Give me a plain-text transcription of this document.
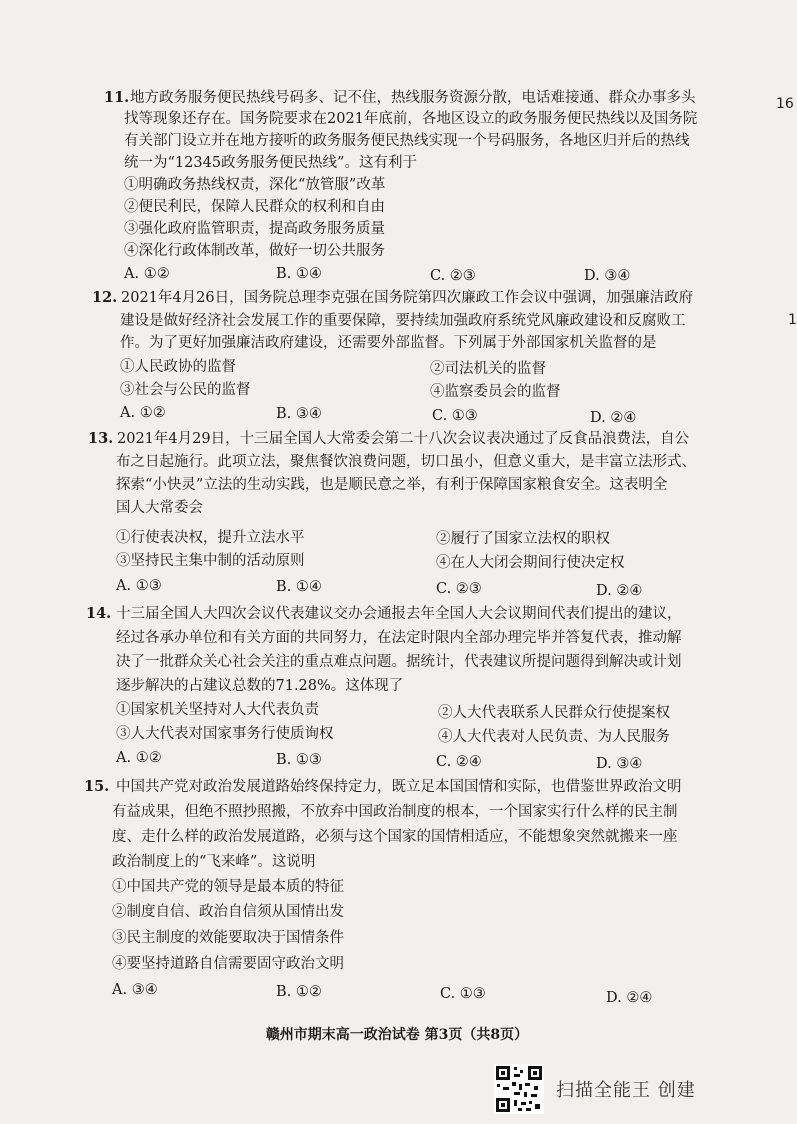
16
1
11. 地方政务服务便民热线号码多、记不住，热线服务资源分散，电话难接通、群众办事多头
找等现象还存在。国务院要求在2021年底前，各地区设立的政务服务便民热线以及国务院
有关部门设立并在地方接听的政务服务便民热线实现一个号码服务，各地区归并后的热线
统一为“12345政务服务便民热线”。这有利于
①明确政务热线权责，深化“放管服”改革
②便民利民，保障人民群众的权利和自由
③强化政府监管职责，提高政务服务质量
④深化行政体制改革，做好一切公共服务
A. ①②	B. ①④	C. ②③	D. ③④
12. 2021年4月26日，国务院总理李克强在国务院第四次廉政工作会议中强调，加强廉洁政府
建设是做好经济社会发展工作的重要保障，要持续加强政府系统党风廉政建设和反腐败工
作。为了更好加强廉洁政府建设，还需要外部监督。下列属于外部国家机关监督的是
①人民政协的监督	②司法机关的监督
③社会与公民的监督	④监察委员会的监督
A. ①②	B. ③④	C. ①③	D. ②④
13. 2021年4月29日，十三届全国人大常委会第二十八次会议表决通过了反食品浪费法，自公
布之日起施行。此项立法，聚焦餐饮浪费问题，切口虽小，但意义重大，是丰富立法形式、
探索“小快灵”立法的生动实践，也是顺民意之举，有利于保障国家粮食安全。这表明全
国人大常委会
①行使表决权，提升立法水平	②履行了国家立法权的职权
③坚持民主集中制的活动原则	④在人大闭会期间行使决定权
A. ①③	B. ①④	C. ②③	D. ②④
14. 十三届全国人大四次会议代表建议交办会通报去年全国人大会议期间代表们提出的建议，
经过各承办单位和有关方面的共同努力，在法定时限内全部办理完毕并答复代表，推动解
决了一批群众关心社会关注的重点难点问题。据统计，代表建议所提问题得到解决或计划
逐步解决的占建议总数的71.28%。这体现了
①国家机关坚持对人大代表负责	②人大代表联系人民群众行使提案权
③人大代表对国家事务行使质询权	④人大代表对人民负责、为人民服务
A. ①②	B. ①③	C. ②④	D. ③④
15. 中国共产党对政治发展道路始终保持定力，既立足本国国情和实际，也借鉴世界政治文明
有益成果，但绝不照抄照搬，不放弃中国政治制度的根本，一个国家实行什么样的民主制
度、走什么样的政治发展道路，必须与这个国家的国情相适应，不能想象突然就搬来一座
政治制度上的“飞来峰”。这说明
①中国共产党的领导是最本质的特征
②制度自信、政治自信须从国情出发
③民主制度的效能要取决于国情条件
④要坚持道路自信需要固守政治文明
A. ③④	B. ①②	C. ①③	D. ②④
赣州市期末高一政治试卷 第3页（共8页）
扫描全能王 创建
